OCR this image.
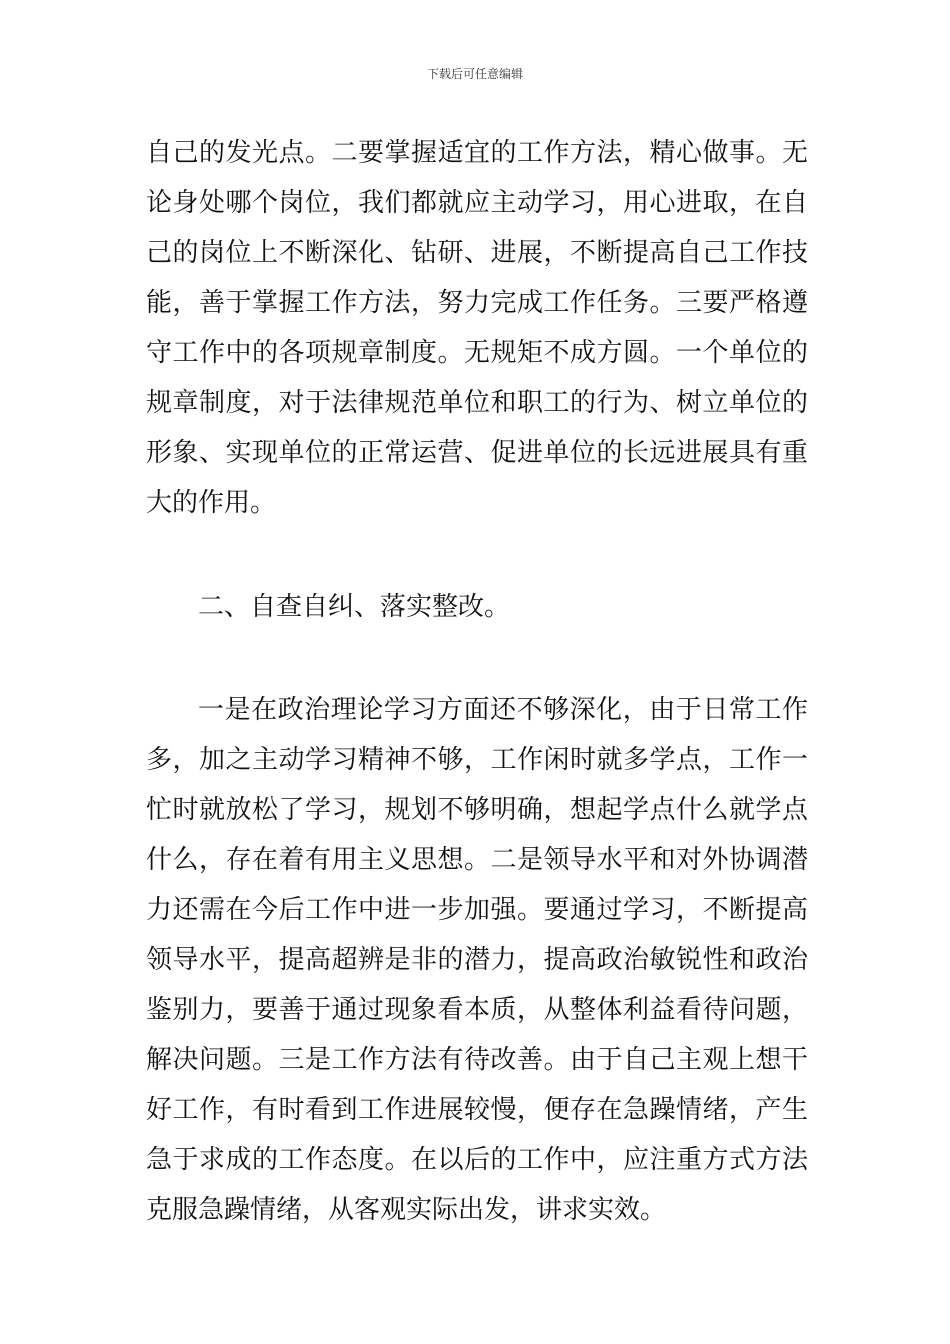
下载后可任意编辑
自己的发光点。二要掌握适宜的工作方法，精心做事。无
论身处哪个岗位，我们都就应主动学习，用心进取，在自
己的岗位上不断深化、钻研、进展，不断提高自己工作技
能，善于掌握工作方法，努力完成工作任务。三要严格遵
守工作中的各项规章制度。无规矩不成方圆。一个单位的
规章制度，对于法律规范单位和职工的行为、树立单位的
形象、实现单位的正常运营、促进单位的长远进展具有重
大的作用。
二、自查自纠、落实整改。
一是在政治理论学习方面还不够深化，由于日常工作
多，加之主动学习精神不够，工作闲时就多学点，工作一
忙时就放松了学习，规划不够明确，想起学点什么就学点
什么，存在着有用主义思想。二是领导水平和对外协调潜
力还需在今后工作中进一步加强。要通过学习，不断提高
领导水平，提高超辨是非的潜力，提高政治敏锐性和政治
鉴别力，要善于通过现象看本质，从整体利益看待问题，
解决问题。三是工作方法有待改善。由于自己主观上想干
好工作，有时看到工作进展较慢，便存在急躁情绪，产生
急于求成的工作态度。在以后的工作中，应注重方式方法
克服急躁情绪，从客观实际出发，讲求实效。
